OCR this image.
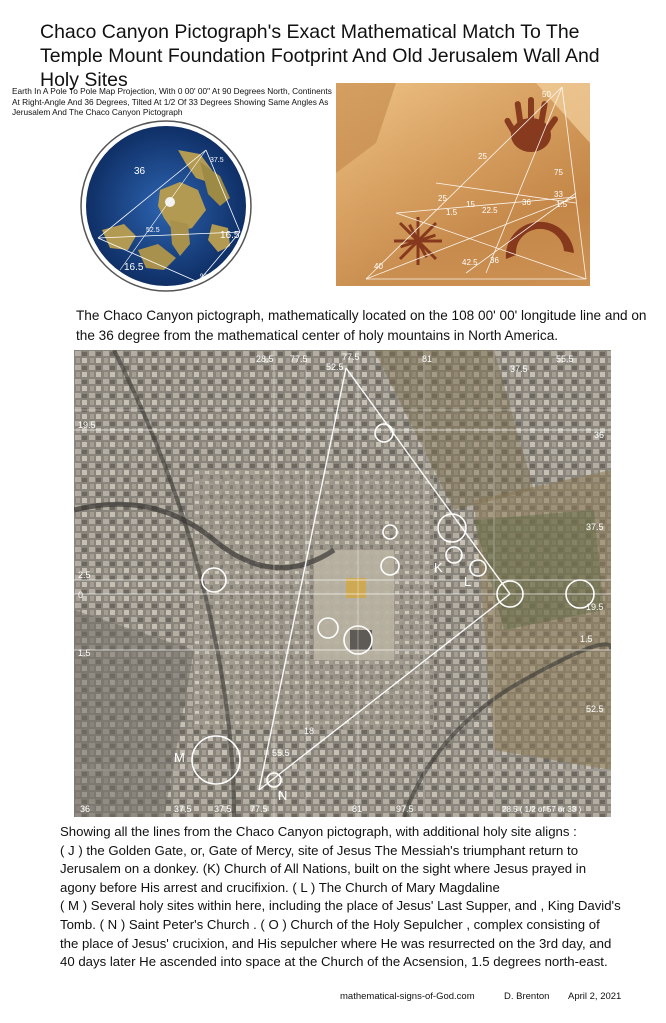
Chaco Canyon Pictograph's Exact Mathematical Match To The Temple Mount Foundation Footprint And Old Jerusalem Wall And Holy Sites
Earth In A Pole To Pole Map Projection, With 0 00' 00" At 90 Degrees North, Continents At Right-Angle And 36 Degrees, Tilted At 1/2 Of 33 Degrees Showing Same Angles As Jerusalem And The Chaco Canyon Pictograph
36
37.5
52.5	16.5
16.5
90
50
25
75
33
1.5
25
15
22.5
36
1.5
40	42.5 36
The Chaco Canyon pictograph, mathematically located on the 108 00' 00' longitude line and on the 36 degree from the mathematical center of holy mountains in North America.
28.5 77.5	77.5	81	55.5
37.5
52.5
19.5
2.5
0
1.5
36
37.5
19.5
1.5
52.5
36	37.5 37.5 77.5	81	97.5	28.5 ( 1/2 of 57 or 33 )
18
55.5
K
L
M
N

Showing all the lines from the Chaco Canyon pictograph, with additional holy site aligns :

( J ) the Golden Gate, or, Gate of Mercy, site of Jesus The Messiah's triumphant return to

Jerusalem on a donkey. (K) Church of All Nations, built on the sight where Jesus prayed in

agony before His arrest and crucifixion. ( L ) The Church of Mary Magdaline

( M ) Several holy sites within here, including the place of Jesus' Last Supper, and , King David's

Tomb. ( N ) Saint Peter's Church . ( O ) Church of the Holy Sepulcher , complex consisting of

the place of Jesus' crucixion, and His sepulcher where He was resurrected on the 3rd day, and

40 days later He ascended into space at the Church of the Acsension, 1.5 degrees north-east.

mathematical-signs-of-God.com	D. Brenton April 2, 2021
